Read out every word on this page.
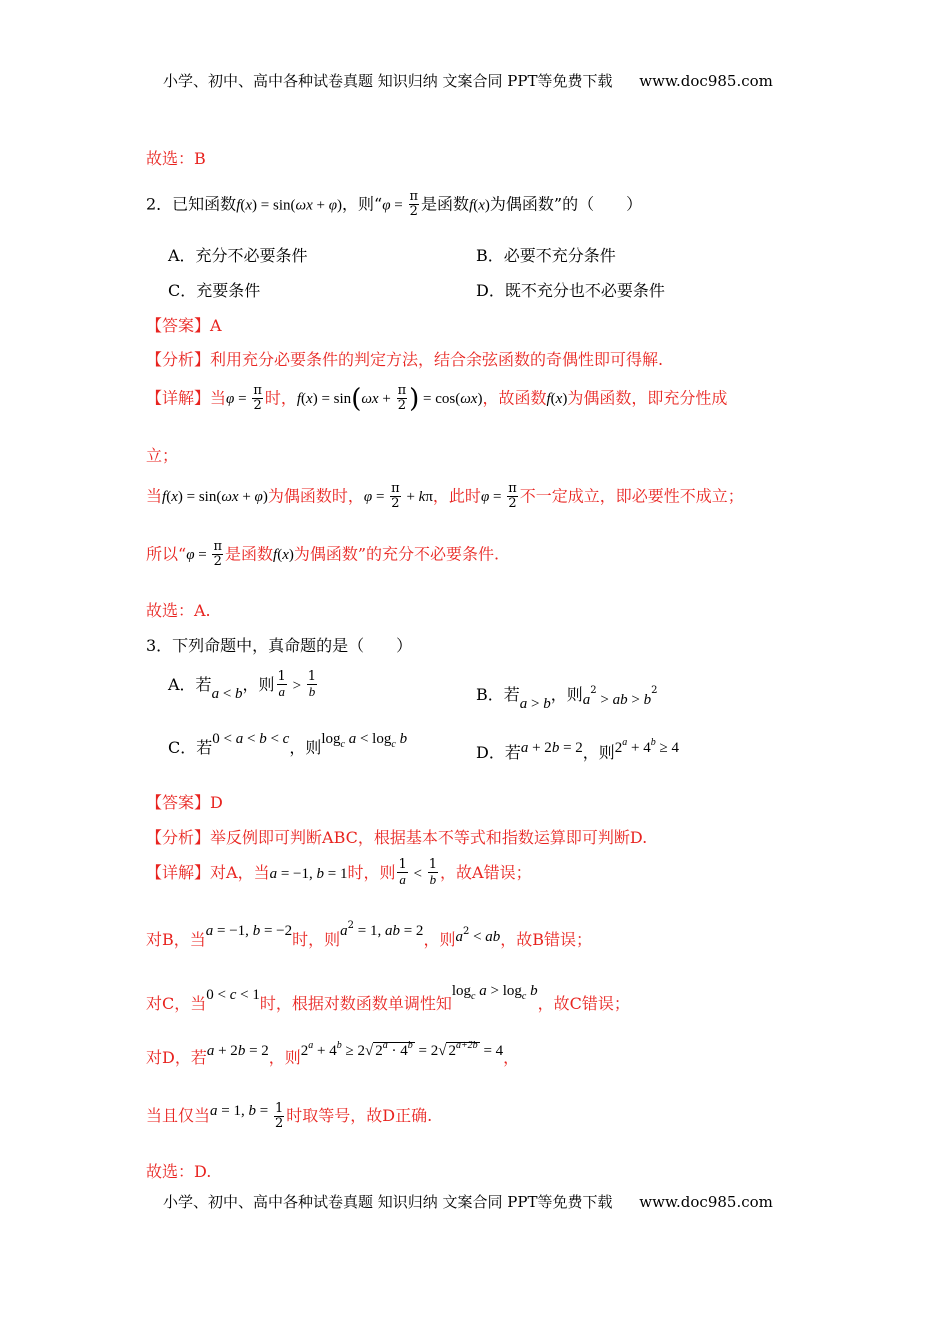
小学、初中、高中各种试卷真题 知识归纳 文案合同 PPT等免费下载 www.doc985.com
故选：B
2．已知函数f(x) = sin(ωx + φ)，则“$\varphi = \frac{\pi}{2}$ 是函数f(x)为偶函数”的（　　）
A．充分不必要条件	B．必要不充分条件
C．充要条件	D．既不充分也不必要条件
【答案】A
【分析】利用充分必要条件的判定方法，结合余弦函数的奇偶性即可得解.
【详解】当$\varphi = \frac{\pi}{2}$ 时，$f(x) = \sin(\omega x + \frac{\pi}{2}$ ) = cos(ωx)，故函数f(x)为偶函数，即充分性成
立；
当f(x) = sin(ωx + φ)为偶函数时，$\varphi = \frac{\pi}{2} + k\pi$，此时$\varphi = \frac{\pi}{2}$ 不一定成立，即必要性不成立；
所以“$\varphi = \frac{\pi}{2}$ 是函数f(x)为偶函数”的充分不必要条件.
故选：A.
3．下列命题中，真命题的是（　　）
A．若a < b，则 $\frac{1}{a} > \frac{1}{b}$	B．若a > b，则$a^2$ > ab > $b^2$
C．若0 < a < b < c，则$\log^c a < \log^c b$
D．若a + 2b = 2，则$2^a + 4^b \ge 4$
【答案】D
【分析】举反例即可判断ABC，根据基本不等式和指数运算即可判断D.
【详解】对A，当a = −1, b = 1时，则 $\frac{1}{a} < \frac{1}{b}$ ，故A错误；
对B，当a = −1, b = −2时，则$a^2 = 1$, ab = 2，则$a^2$ < ab，故B错误；
对C，当0 < c < 1时，根据对数函数单调性知$\log_c a > \log_c b$，故C错误；
对D，若a + 2b = 2，则$2^a + 4^b \ge 2√$ $2^a \cdot 4^b = 2√$ $2^{a+2b} = 4$，
当且仅当a = 1, $b = \frac{1}{2}$ 时取等号，故D正确.
故选：D.
小学、初中、高中各种试卷真题 知识归纳 文案合同 PPT等免费下载 www.doc985.com
